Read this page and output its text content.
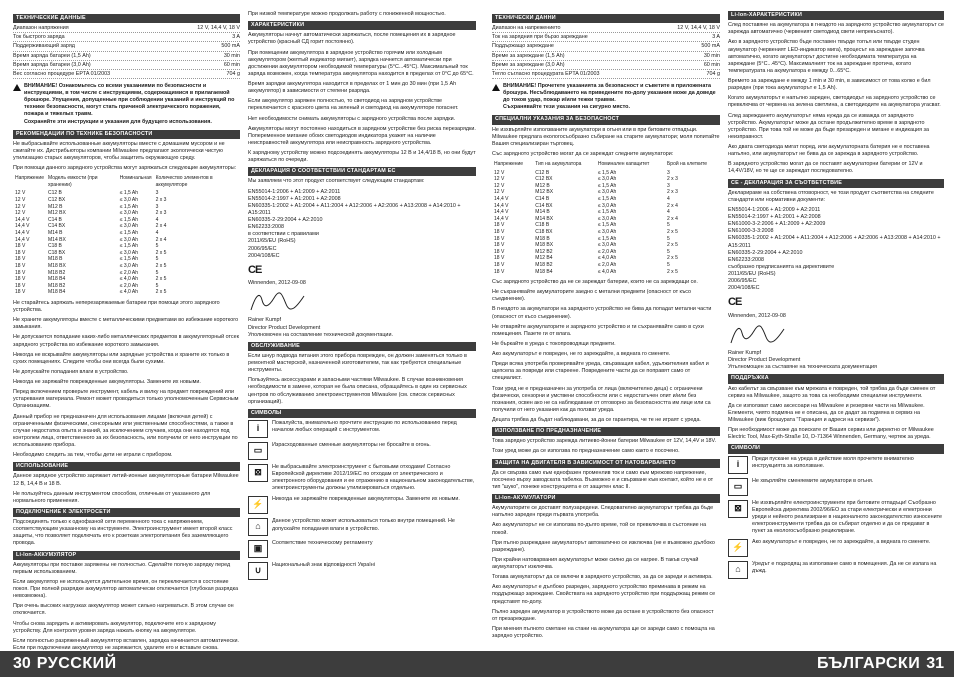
ТЕХНИЧЕСКИЕ ДАННЫЕ
Диапазон напряжения	12 V, 14,4 V, 18 V
Ток быстрого заряда	3 A
Поддерживающий заряд	500 mA
Время заряда батареи (1,5 Ah)	30 min
Время заряда батареи (3,0 Ah)	60 min
Вес согласно процедуре EPTA 01/2003	704 g
ВНИМАНИЕ! Ознакомьтесь со всеми указаниями по безопасности и инструкциями, в том числе с инструкциями, содержащимися в прилагаемой брошюре. Упущения, допущенные при соблюдении указаний и инструкций по технике безопасности, могут стать причиной электрического поражения, пожара и тяжелых травм.
Сохраняйте эти инструкции и указания для будущего использования.
РЕКОМЕНДАЦИИ ПО ТЕХНИКЕ БЕЗОПАСНОСТИ
Не выбрасывайте использованные аккумуляторы вместе с домашним мусором и не сжигайте их. Дистрибьюторы компании Milwaukee предлагают экологически чистую утилизацию старых аккумуляторов, чтобы защитить окружающую среду.
При помощи данного зарядного устройства могут заряжаться следующие аккумуляторы:
Напряжение	Модель емкости (при хранении)	Номинальная	Количество элементов в аккумуляторе
12 V	C12 B	≤ 1,5 Ah	3
12 V	C12 BX	≤ 3,0 Ah	2 x 3
12 V	M12 B	≤ 1,5 Ah	3
12 V	M12 BX	≤ 3,0 Ah	2 x 3
14,4 V	C14 B	≤ 1,5 Ah	4
14,4 V	C14 BX	≤ 3,0 Ah	2 x 4
14,4 V	M14 B	≤ 1,5 Ah	4
14,4 V	M14 BX	≤ 3,0 Ah	2 x 4
18 V	C18 B	≤ 1,5 Ah	5
18 V	C18 BX	≤ 3,0 Ah	2 x 5
18 V	M18 B	≤ 1,5 Ah	5
18 V	M18 BX	≤ 3,0 Ah	2 x 5
18 V	M18 B2	≤ 2,0 Ah	5
18 V	M18 B4	≤ 4,0 Ah	2 x 5
18 V	M18 B2	≤ 2,0 Ah	5
18 V	M18 B4	≤ 4,0 Ah	2 x 5
Не старайтесь заряжать неперезаряжаемые батареи при помощи этого зарядного устройства.
Не храните аккумуляторы вместе с металлическими предметами во избежание короткого замыкания.
Не допускается попадание каких-либо металлических предметов в аккумуляторный отсек зарядного устройства во избежание короткого замыкания.
Никогда не вскрывайте аккумуляторы или зарядные устройства и храните их только в сухих помещениях. Следите чтобы они всегда были сухими.
Не допускайте попадания влаги в устройство.
Никогда не заряжайте поврежденные аккумуляторы. Замените их новыми.
Перед включением проверьте инструмент, кабель и вилку на предмет повреждений или устаревания материала. Ремонт может проводиться только уполномоченным Сервисным Организациям.
Данный прибор не предназначен для использования лицами (включая детей) с ограниченными физическими, сенсорными или умственными способностями, а также в случае недостатка опыта и знаний, за исключением случаев, когда они находятся под контролем лица, ответственного за их безопасность, или получили от него инструкции по использованию прибора.
Необходимо следить за тем, чтобы дети не играли с прибором.
ИСПОЛЬЗОВАНИЕ
Данное зарядное устройство заряжает литий-ионные аккумуляторные батареи Milwaukee 12 В, 14,4 В и 18 В.
Не пользуйтесь данным инструментом способом, отличным от указанного для нормального применения.
ПОДКЛЮЧЕНИЕ К ЭЛЕКТРОСЕТИ
Подсоединять только к однофазной сети переменного тока с напряжением, соответствующим указанному на инструменте. Электроинструмент имеет второй класс защиты, что позволяет подключать его к розеткам электропитания без заземляющего провода.
Li-Ion-АККУМУЛЯТОР
Аккумуляторы при поставке заряжены не полностью. Сделайте полную зарядку перед первым использованием.
Если аккумулятор не используется длительное время, он переключается в состояние покоя. При полной разрядке аккумулятор автоматически отключается (глубокая разрядка невозможна).
При очень высоких нагрузках аккумулятор может сильно нагреваться. В этом случае он отключается.
Чтобы снова зарядить и активировать аккумулятор, подключите его к зарядному устройству. Для контроля уровня заряда нажать кнопку на аккумуляторе.
Если полностью разряженный аккумулятор вставлен, зарядка начинается автоматически. Если при подключении аккумулятор не заряжается, удалите его и вставьте снова.
При низкой температуре можно продолжать работу с пониженной мощностью.
ХАРАКТЕРИСТИКИ
Аккумуляторы начнут автоматически заряжаться, после помещения их в зарядное устройство (красный СД горит постоянно).
При помещении аккумулятора в зарядное устройство горячим или холодным аккумулятором (желтый индикатор мигает), зарядка начнется автоматически при достижении аккумулятором необходимой температуры (5°C...45°C). Максимальный ток заряда возможен, когда температура аккумулятора находится в пределах от 0°С до 65°С.
Время зарядки аккумулятора находится в пределах от 1 мин до 30 мин (при 1,5 Ah аккумулятор) в зависимости от степени разряда.
Если аккумулятор заряжен полностью, то светодиод на зарядном устройстве переключается с красного цвета на зеленый и светодиод на аккумуляторе погаснет.
Нет необходимости снимать аккумуляторы с зарядного устройства после зарядки.
Аккумуляторы могут постоянно находиться в зарядном устройстве без риска перезарядки. Попеременное мигание обоих светодиодов индикатора укажет на наличие неисправностей аккумулятора или неисправность зарядного устройства.
К зарядному устройству можно подсоединять аккумуляторы 12 В и 14,4/18 В, но они будут заряжаться по очереди.
ДЕКЛАРАЦИЯ О СООТВЕТСТВИИ СТАНДАРТАМ ЕС
Мы заявляем что этот продукт соответствует следующим стандартам:
EN55014-1:2006 + A1:2009 + A2:2011
EN55014-2:1997 + A1:2001 + A2:2008
EN60335-1:2002 + A1:2004 + A11:2004 + A12:2006 + A2:2006 + A13:2008 + A14:2010 + A15:2011
EN60335-2-29:2004 + A2:2010
EN62233:2008
в соответствии с правилами
2011/65/EU (RoHS)
2006/95/EC
2004/108/EC
CE
Winnenden, 2012-09-08
Rainer Kumpf
Director Product Development
Уполномочен на составление технической документации.
ОБСЛУЖИВАНИЕ
Если шнур подвода питания этого прибора поврежден, он должен заменяться только в ремонтной мастерской, назначенной изготовителем, так как требуются специальные инструменты.
Пользуйтесь аксессуарами и запасными частями Milwaukee. В случае возникновения необходимости в замене, которая не была описана, обращайтесь в один из сервисных центров по обслуживанию электроинструментов Milwaukee (см. список сервисных организаций).
СИМВОЛЫ
i
Пожалуйста, внимательно прочтите инструкцию по использованию перед началом любых операций с инструментом.
▭
Израсходованные сменные аккумуляторы не бросайте в огонь.
⊠
Не выбрасывайте электроинструмент с бытовыми отходами! Согласно Европейской директиве 2012/19/ЕС по отходам от электрического и электронного оборудования и ее отражению в национальном законодательстве, электроинструменты должны утилизироваться отдельно.
⚡
Никогда не заряжайте поврежденные аккумуляторы. Замените их новыми.
⌂
Данное устройство может использоваться только внутри помещений. Не допускайте попадания влаги в устройство.
▣
Соответствие техническому регламенту
∪
Национальный знак відповідності Україні
ТЕХНИЧЕСКИ ДАННИ
Диапазон на напрежението	12 V, 14,4 V, 18 V
Ток на зарядния при бързо зареждане	3 A
Поддържащо зареждане	500 mA
Време за зареждане (1,5 Ah)	30 min
Време за зареждане (3,0 Ah)	60 min
Тегло съгласно процедурата EPTA 01/2003	704 g
ВНИМАНИЕ! Прочетете указанията за безопасност и съветите в приложената брошура. Несъблюдаването на приведените по-долу указания може да доведе до токов удар, пожар и/или тежки травми.
Съхранявайте тези указания на сигурно място.
СПЕЦИАЛНИ УКАЗАНИЯ ЗА БЕЗОПАСНОСТ
Не изхвърляйте използваните акумулатори в огъня или в при битовите отпадъци. Milwaukee предлага екологосъобразно събиране на старите акумулатори; моля попитайте Вашия специализиран търговец.
Със зарядното устройство могат да се зареждат следните акумулатори:
Напрежение	Тип на акумулатора	Номинален капацитет	Брой на клетките
12 V	C12 B	≤ 1,5 Ah	3
12 V	C12 BX	≤ 3,0 Ah	2 x 3
12 V	M12 B	≤ 1,5 Ah	3
12 V	M12 BX	≤ 3,0 Ah	2 x 3
14,4 V	C14 B	≤ 1,5 Ah	4
14,4 V	C14 BX	≤ 3,0 Ah	2 x 4
14,4 V	M14 B	≤ 1,5 Ah	4
14,4 V	M14 BX	≤ 3,0 Ah	2 x 4
18 V	C18 B	≤ 1,5 Ah	5
18 V	C18 BX	≤ 3,0 Ah	2 x 5
18 V	M18 B	≤ 1,5 Ah	5
18 V	M18 BX	≤ 3,0 Ah	2 x 5
18 V	M12 B2	≤ 2,0 Ah	5
18 V	M12 B4	≤ 4,0 Ah	2 x 5
18 V	M18 B2	≤ 2,0 Ah	5
18 V	M18 B4	≤ 4,0 Ah	2 x 5
Със зарядното устройство да не се зареждат батерии, които не са зареждащи се.
Не съхранявайте акумулаторите заедно с метални предмети (опасност от късо съединение).
В гнездото за акумулатори на зарядното устройство не бива да попадат метални части (опасност от късо съединение).
Не отваряйте акумулаторите и зарядното устройство и ги съхранявайте само в сухи помещения. Пазете ги от влага.
Не бъркайте в уреда с токопроводящи предмети.
Ако акумулаторът е повреден, не го зареждайте, а веднага го сменете.
Преди всяка употреба проверявайте уреда, свързващия кабел, удължителния кабел и щепсела за повреди или стареене. Повредените части да се поправят само от специалист.
Този уред не е предназначен за употреба от лица (включително деца) с ограничени физически, сензорни и умствени способности или с недостатъчен опит и/или без познания, освен ако не са наблюдавани от отговорно за безопасността им лице или са получили от него указания как да ползват уреда.
Децата трябва да бъдат наблюдавани, за да се гарантира, че те не играят с уреда.
ИЗПОЛЗВАНЕ ПО ПРЕДНАЗНАЧЕНИЕ
Това зарядно устройство зарежда литиево-йонни батерии Milwaukee от 12V, 14,4V и 18V.
Този уред може да се използва по предназначение само както е посочено.
ЗАЩИТА НА ДВИГАТЕЛЯ В ЗАВИСИМОСТ ОТ НАТОВАРВАНЕТО
Да се свързва само към еднофазен променлив ток и само към мрежово напрежение, посочено върху заводската табелка. Възможно е и свързване към контакт, който не е от тип "шуко", понеже конструкцията е от защитен клас II.
Li-Ion-АКУМУЛАТОРИ
Акумулаторите се доставят полузаредени. Следователно акумулаторът трябва да бъде напълно зареден преди първата употреба.
Ако акумулаторът не се използва по-дълго време, той се превключва в състояние на покой.
При пълно разреждане акумулаторът автоматично се изключва (не е възможно дълбоко разреждане).
При крайни натоварвания акумулаторът може силно да се нагрее. В такъв случай акумулаторът изключва.
Тогава акумулаторът да се включи в зарядното устройство, за да се зареди и активира.
Ако акумулаторът е дълбоко разреден, зарядното устройство преминава в режим на поддържащо зареждане. Свойствата на зарядното устройство при поддържащ режим се представят по-долу.
Пълно зареден акумулатор в устройството може да остане в устройството без опасност от презареждане.
При мнения пълното сметане на стани на акумулатора ще се зареди само с помощта на зарядно устройство.
Li-Ion-ХАРАКТЕРИСТИКИ
След поставяне на акумулатора в гнездото на зарядното устройство акумулаторът се зарежда автоматично (червеният светодиод свети непрекъснато).
Ако в зарядното устройство бъде поставен твърде топъл или твърде студен акумулатор (червеният LED-индикатор мига), процесът на зареждане започва автоматично, когато акумулаторът достигне необходимата температура на зареждане (5°C...45°C). Максималният ток на зареждане протича, когато температурата на акумулатора е между 0...65°C.
Времето за зареждане е между 1 min и 30 min, в зависимост от това колко е бил разреден (при тока акумулаторът е 1,5 Ah).
Когато акумулаторът е напълно зареден, светодиодът на зарядното устройство се превключва от червена на зелена светлина, а светодиодите на акумулатора угасват.
След зареждането акумулаторът няма нужда да се изважда от зарядното устройство. Акумулаторът може да остане продължително време в зарядното устройство. При това той не може да бъде презареден и мигане е индикация за неизправност.
Ако двата светодиода мигат поред, или акумулаторната батерия не е поставена напълно, или акумулаторът не бива да се зарежда в зарядното устройство.
В зарядното устройство могат да се поставят акумулаторни батерии от 12V и 14,4V/18V, но те ще се зареждат последователно.
СЕ - ДЕКЛАРАЦИЯ ЗА СЪОТВЕТСТВИЕ
Декларираме на собствена отговорност, че този продукт съответства на следните стандарти или нормативни документи:
EN55014-1:2006 + A1:2009 + A2:2011
EN55014-2:1997 + A1:2001 + A2:2008
EN61000-3-2:2006 + A1:2009 + A2:2009
EN61000-3-3:2008
EN60335-1:2002 + A1:2004 + A11:2004 + A12:2006 + A2:2006 + A13:2008 + A14:2010 + A15:2011
EN60335-2-29:2004 + A2:2010
EN62233:2008
съобразно предписанията на директивите
2011/65/EU (RoHS)
2006/95/EC
2004/108/EC
CE
Winnenden, 2012-09-08
Rainer Kumpf
Director Product Development
Упълномощен за съставяне на техническата документация
ПОДДРЪЖКА
Ако кабелът за свързване към мрежата е повреден, той трябва да бъде сменен от сервиз на Milwaukee, защото за това са необходими специални инструменти.
Да се използват само аксесоари на Milwaukee и резервни части на Milwaukee. Елементи, чиято подмяна не е описана, да се дадат за подмяна в сервиз на Milwaukee (виж брошурата "Гаранция и адреси на сервизи").
При необходимост може да поискате от Вашия сервиз или директно от Milwaukee Electric Tool, Max-Eyth-Straße 10, D-71364 Winnenden, Germany, чертеж за уреда.
СИМВОЛИ
i
Преди пускане на уреда в действие моля прочетете внимателно инструкцията за използване.
▭
Не хвърляйте сменяемите акумулатори в огъня.
⊠
Не изхвърляйте електроинструменти при битовите отпадъци! Съобразно Европейска директива 2002/96/ЕО за стари електрически и електронни уреди и нейното реализиране в националното законодателство износените електроинструменти трябва да се събират отделно и да се предават в пункт за екологосъобразно рециклиране.
⚡
Ако акумулаторът е повреден, не го зареждайте, а веднага го сменете.
⌂
Уредът е подходящ за използване само в помещения. Да не се излага на дъжд.
30 РУССКИЙ	БЪЛГАРСКИ 31
